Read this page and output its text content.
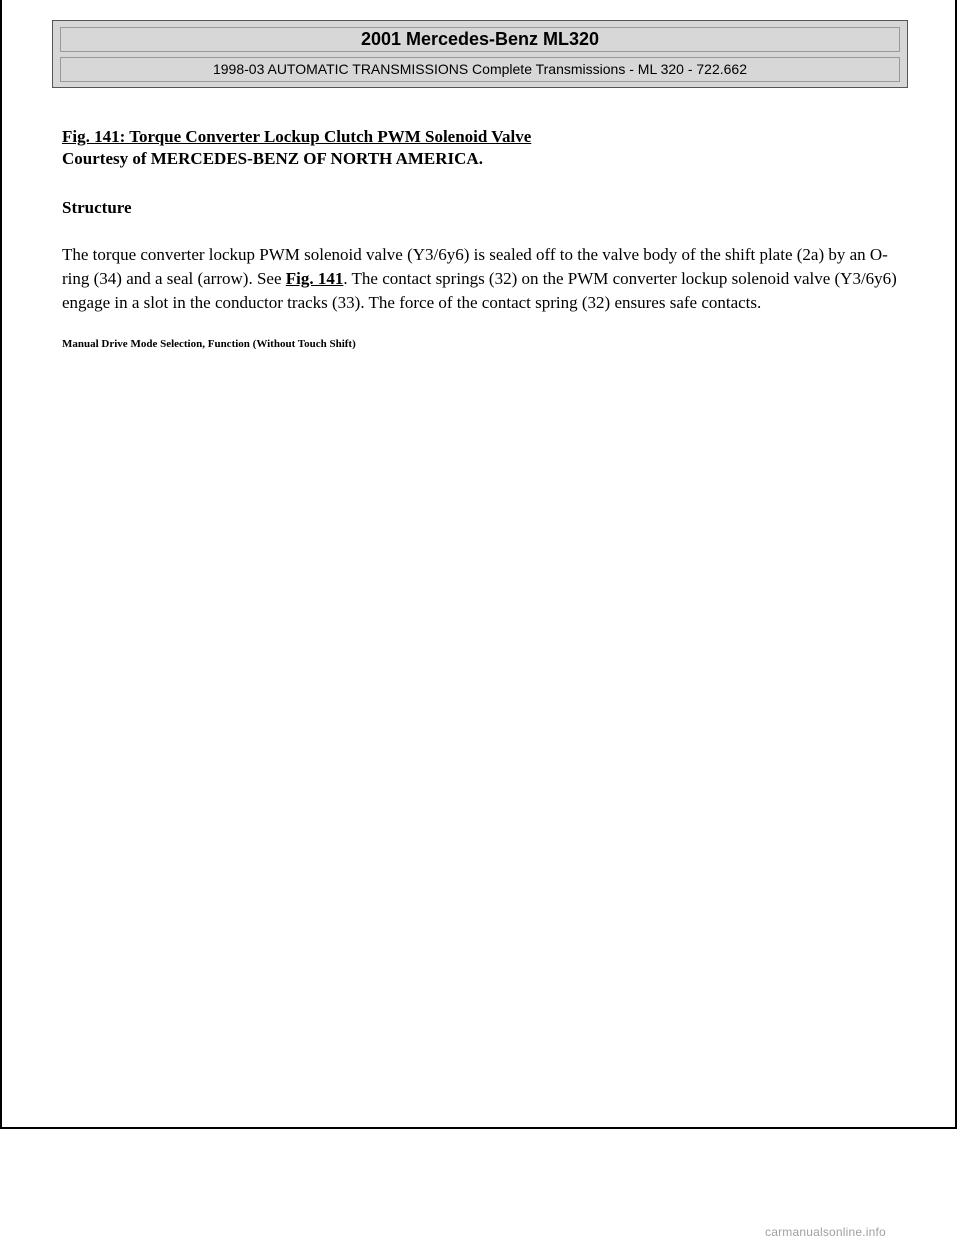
2001 Mercedes-Benz ML320
1998-03 AUTOMATIC TRANSMISSIONS Complete Transmissions - ML 320 - 722.662

Fig. 141: Torque Converter Lockup Clutch PWM Solenoid Valve

Courtesy of MERCEDES-BENZ OF NORTH AMERICA.

Structure

The torque converter lockup PWM solenoid valve (Y3/6y6) is sealed off to the valve body of the shift plate (2a) by an O-ring (34) and a seal (arrow). See Fig. 141. The contact springs (32) on the PWM converter lockup solenoid valve (Y3/6y6) engage in a slot in the conductor tracks (33). The force of the contact spring (32) ensures safe contacts.

Manual Drive Mode Selection, Function (Without Touch Shift)

carmanualsonline.info
